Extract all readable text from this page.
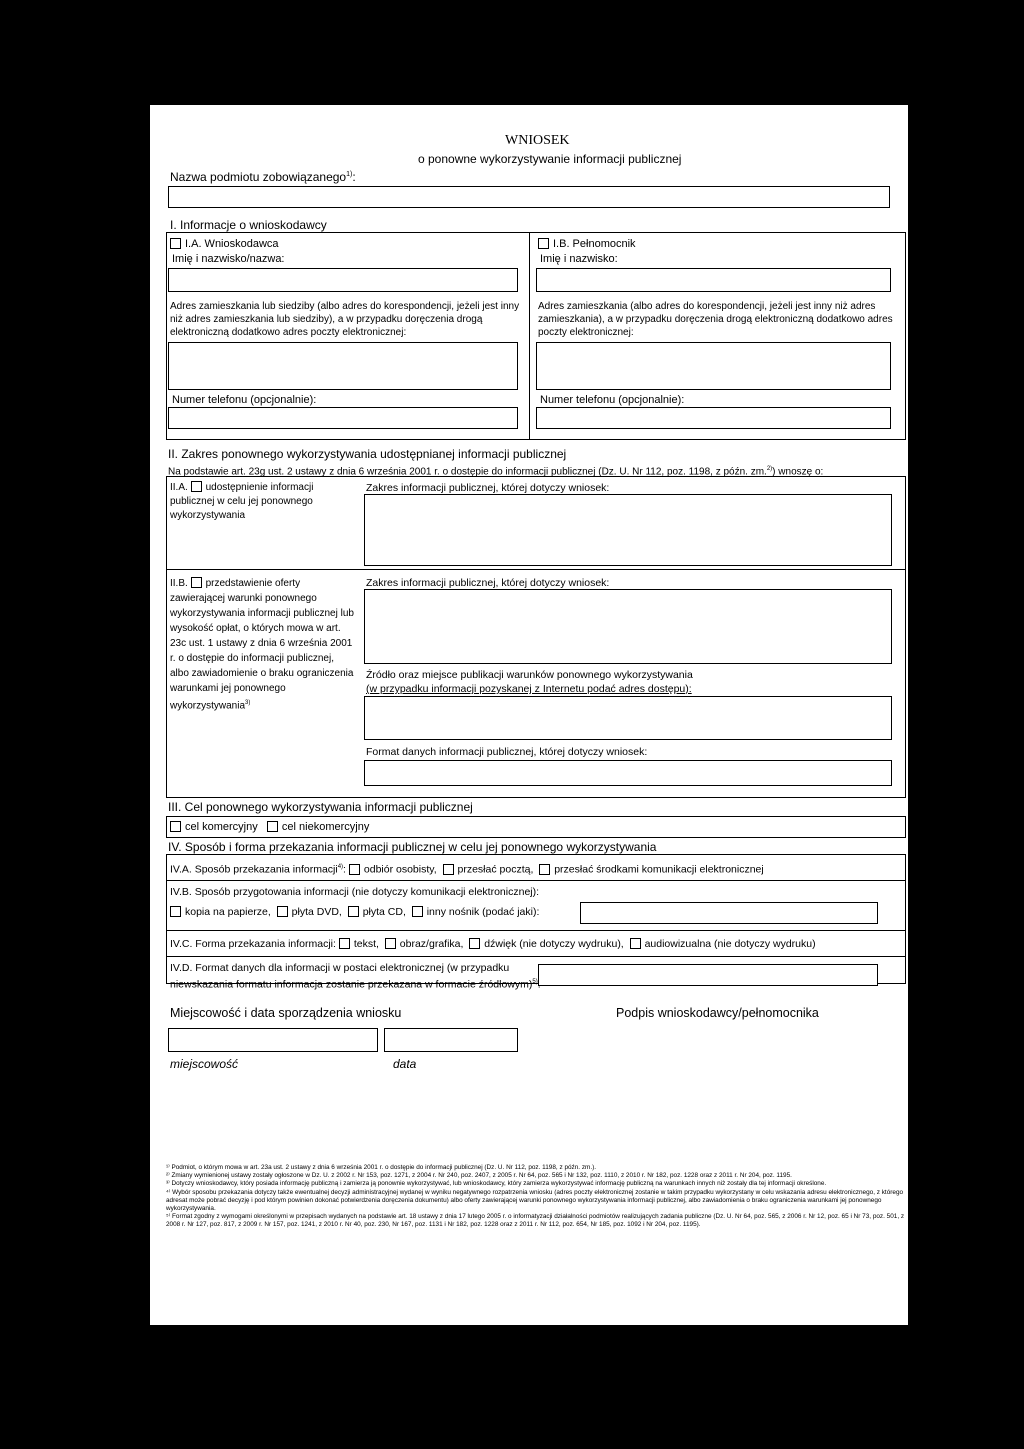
WNIOSEK
o ponowne wykorzystywanie informacji publicznej
Nazwa podmiotu zobowiązanego$^{1)}$:
I. Informacje o wnioskodawcy
I.A. Wnioskodawca
Imię i nazwisko/nazwa:
Adres zamieszkania lub siedziby (albo adres do korespondencji, jeżeli jest inny niż adres zamieszkania lub siedziby), a w przypadku doręczenia drogą elektroniczną dodatkowo adres poczty elektronicznej:
Numer telefonu (opcjonalnie):
I.B. Pełnomocnik
Imię i nazwisko:
Adres zamieszkania (albo adres do korespondencji, jeżeli jest inny niż adres zamieszkania), a w przypadku doręczenia drogą elektroniczną dodatkowo adres poczty elektronicznej:
Numer telefonu (opcjonalnie):
II. Zakres ponownego wykorzystywania udostępnianej informacji publicznej
Na podstawie art. 23g ust. 2 ustawy z dnia 6 września 2001 r. o dostępie do informacji publicznej (Dz. U. Nr 112, poz. 1198, z późn. zm.$^{2)}$) wnoszę o:
II.A. udostępnienie informacji publicznej w celu jej ponownego wykorzystywania
Zakres informacji publicznej, której dotyczy wniosek:
II.B. przedstawienie oferty zawierającej warunki ponownego wykorzystywania informacji publicznej lub wysokość opłat, o których mowa w art. 23c ust. 1 ustawy z dnia 6 września 2001 r. o dostępie do informacji publicznej, albo zawiadomienie o braku ograniczenia warunkami jej ponownego wykorzystywania$^{3)}$
Zakres informacji publicznej, której dotyczy wniosek:
Źródło oraz miejsce publikacji warunków ponownego wykorzystywania
(w przypadku informacji pozyskanej z Internetu podać adres dostępu):
Format danych informacji publicznej, której dotyczy wniosek:
III. Cel ponownego wykorzystywania informacji publicznej
cel komercyjny cel niekomercyjny
IV. Sposób i forma przekazania informacji publicznej w celu jej ponownego wykorzystywania
IV.A. Sposób przekazania informacji$^{4)}$: odbiór osobisty, przesłać pocztą, przesłać środkami komunikacji elektronicznej
IV.B. Sposób przygotowania informacji (nie dotyczy komunikacji elektronicznej):
kopia na papierze, płyta DVD, płyta CD, inny nośnik (podać jaki):
IV.C. Forma przekazania informacji: tekst, obraz/grafika, dźwięk (nie dotyczy wydruku), audiowizualna (nie dotyczy wydruku)
IV.D. Format danych dla informacji w postaci elektronicznej (w przypadku
niewskazania formatu informacja zostanie przekazana w formacie źródłowym)$^{5)}$
Miejscowość i data sporządzenia wniosku	Podpis wnioskodawcy/pełnomocnika
miejscowość	data

¹⁾ Podmiot, o którym mowa w art. 23a ust. 2 ustawy z dnia 6 września 2001 r. o dostępie do informacji publicznej (Dz. U. Nr 112, poz. 1198, z późn. zm.).

²⁾ Zmiany wymienionej ustawy zostały ogłoszone w Dz. U. z 2002 r. Nr 153, poz. 1271, z 2004 r. Nr 240, poz. 2407, z 2005 r. Nr 64, poz. 565 i Nr 132, poz. 1110, z 2010 r. Nr 182, poz. 1228 oraz z 2011 r. Nr 204, poz. 1195.

³⁾ Dotyczy wnioskodawcy, który posiada informację publiczną i zamierza ją ponownie wykorzystywać, lub wnioskodawcy, który zamierza wykorzystywać informację publiczną na warunkach innych niż zostały dla tej informacji określone.

⁴⁾ Wybór sposobu przekazania dotyczy także ewentualnej decyzji administracyjnej wydanej w wyniku negatywnego rozpatrzenia wniosku (adres poczty elektronicznej zostanie w takim przypadku wykorzystany w celu wskazania adresu elektronicznego, z którego adresat może pobrać decyzję i pod którym powinien dokonać potwierdzenia doręczenia dokumentu) albo oferty zawierającej warunki ponownego wykorzystywania informacji publicznej, albo zawiadomienia o braku ograniczenia warunkami jej ponownego wykorzystywania.

⁵⁾ Format zgodny z wymogami określonymi w przepisach wydanych na podstawie art. 18 ustawy z dnia 17 lutego 2005 r. o informatyzacji działalności podmiotów realizujących zadania publiczne (Dz. U. Nr 64, poz. 565, z 2006 r. Nr 12, poz. 65 i Nr 73, poz. 501, z 2008 r. Nr 127, poz. 817, z 2009 r. Nr 157, poz. 1241, z 2010 r. Nr 40, poz. 230, Nr 167, poz. 1131 i Nr 182, poz. 1228 oraz z 2011 r. Nr 112, poz. 654, Nr 185, poz. 1092 i Nr 204, poz. 1195).
